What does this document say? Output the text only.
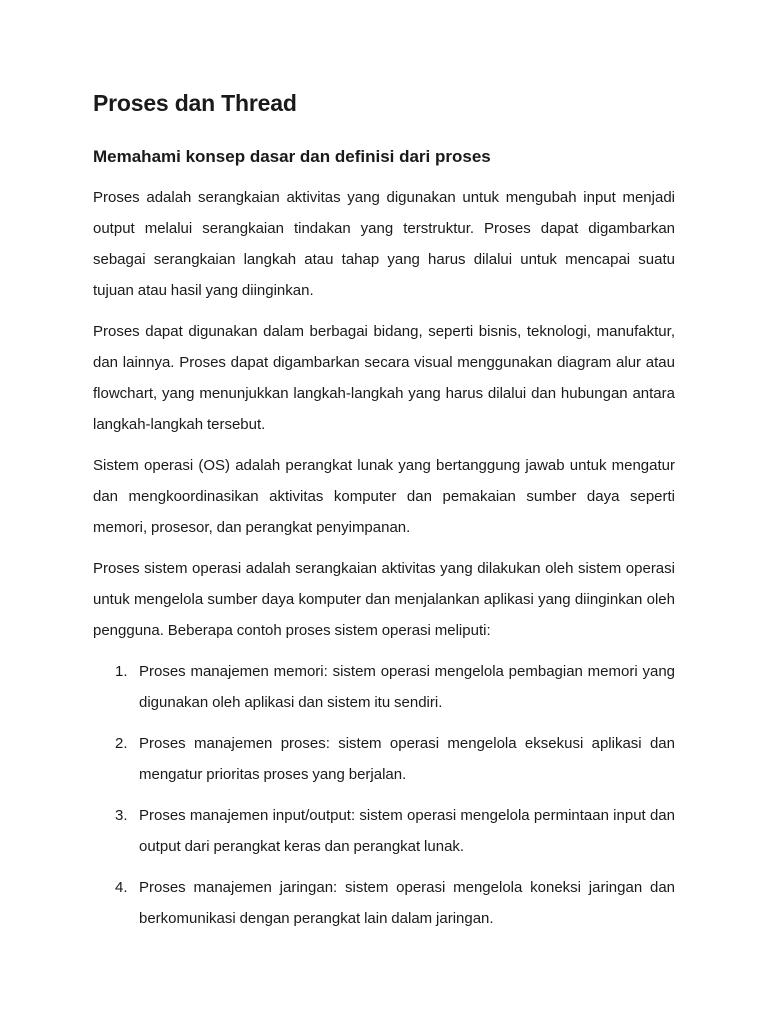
Proses dan Thread
Memahami konsep dasar dan definisi dari proses

Proses adalah serangkaian aktivitas yang digunakan untuk mengubah input menjadi output melalui serangkaian tindakan yang terstruktur. Proses dapat digambarkan sebagai serangkaian langkah atau tahap yang harus dilalui untuk mencapai suatu tujuan atau hasil yang diinginkan.

Proses dapat digunakan dalam berbagai bidang, seperti bisnis, teknologi, manufaktur, dan lainnya. Proses dapat digambarkan secara visual menggunakan diagram alur atau flowchart, yang menunjukkan langkah-langkah yang harus dilalui dan hubungan antara langkah-langkah tersebut.

Sistem operasi (OS) adalah perangkat lunak yang bertanggung jawab untuk mengatur dan mengkoordinasikan aktivitas komputer dan pemakaian sumber daya seperti memori, prosesor, dan perangkat penyimpanan.

Proses sistem operasi adalah serangkaian aktivitas yang dilakukan oleh sistem operasi untuk mengelola sumber daya komputer dan menjalankan aplikasi yang diinginkan oleh pengguna. Beberapa contoh proses sistem operasi meliputi:

1. Proses manajemen memori: sistem operasi mengelola pembagian memori yang digunakan oleh aplikasi dan sistem itu sendiri.
2. Proses manajemen proses: sistem operasi mengelola eksekusi aplikasi dan mengatur prioritas proses yang berjalan.
3. Proses manajemen input/output: sistem operasi mengelola permintaan input dan output dari perangkat keras dan perangkat lunak.
4. Proses manajemen jaringan: sistem operasi mengelola koneksi jaringan dan berkomunikasi dengan perangkat lain dalam jaringan.
